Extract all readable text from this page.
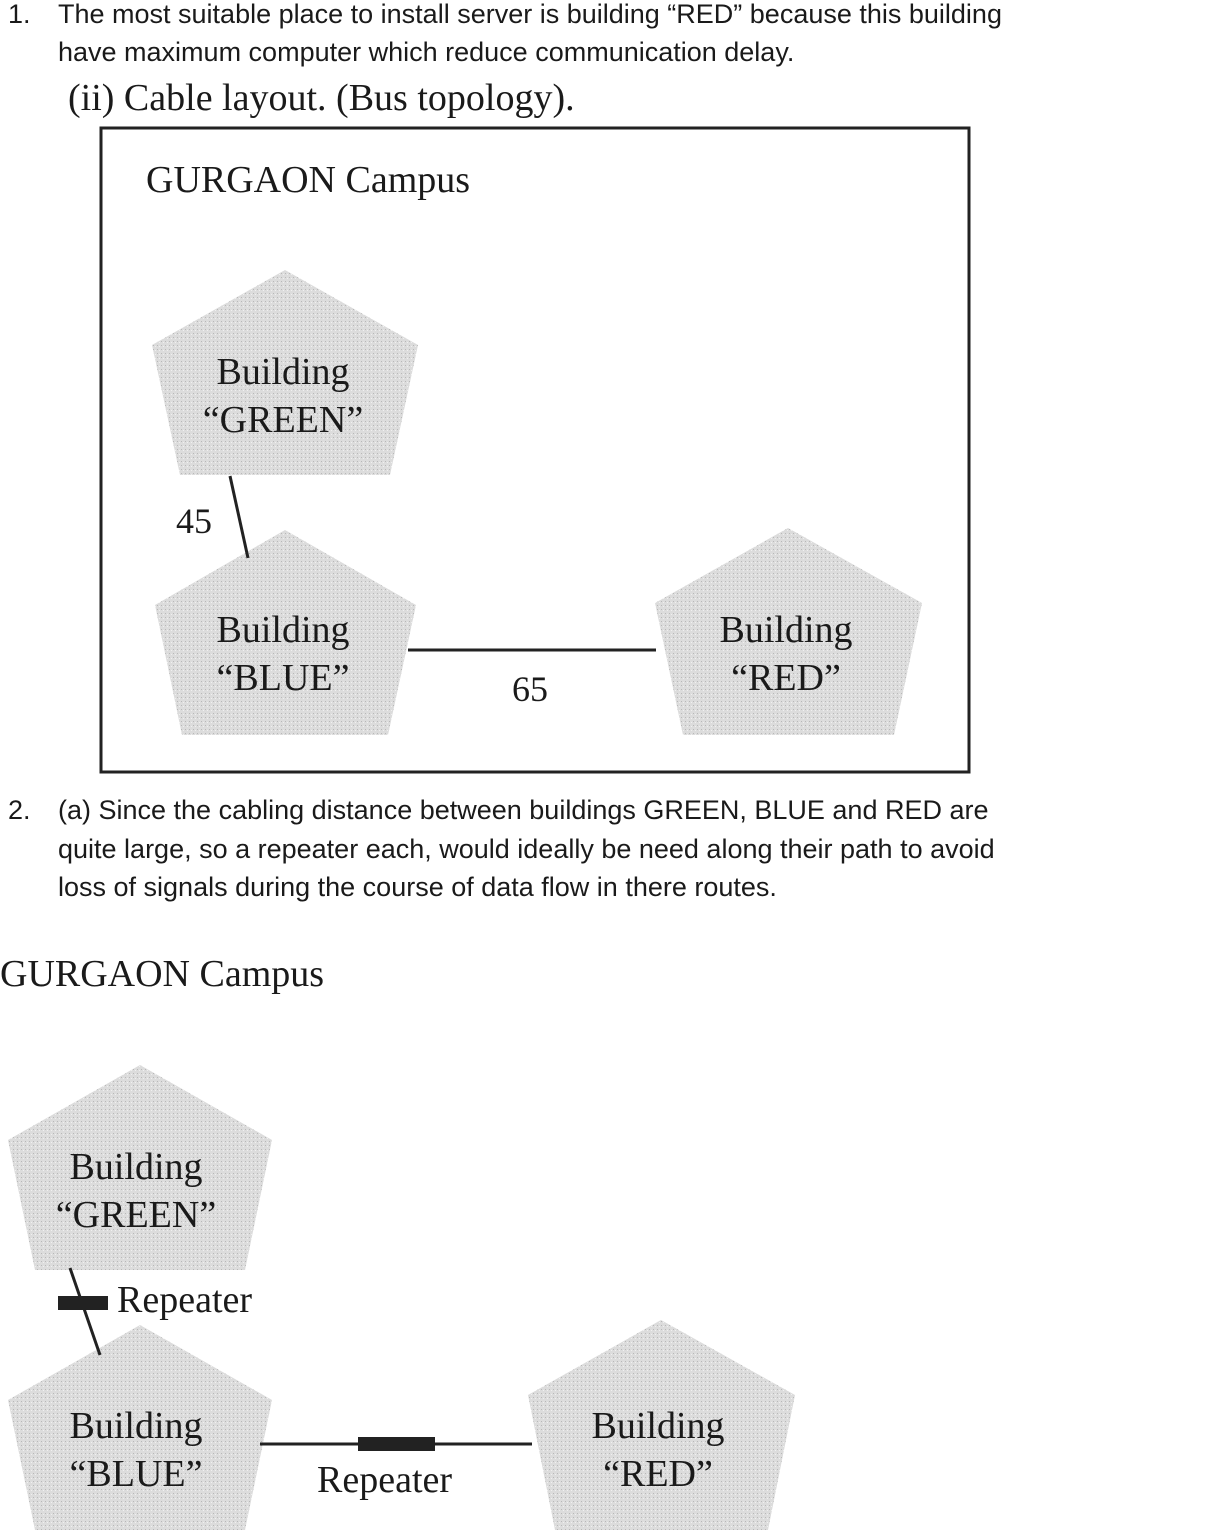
1. The most suitable place to install server is building “RED” because this building
have maximum computer which reduce communication delay.
(ii) Cable layout. (Bus topology).
GURGAON Campus
Building
“GREEN”
Building
“BLUE”
Building
“RED”
45
65
2. (a) Since the cabling distance between buildings GREEN, BLUE and RED are
quite large, so a repeater each, would ideally be need along their path to avoid
loss of signals during the course of data flow in there routes.
GURGAON Campus
Building
“GREEN”
Building
“BLUE”
Building
“RED”
Repeater
Repeater
